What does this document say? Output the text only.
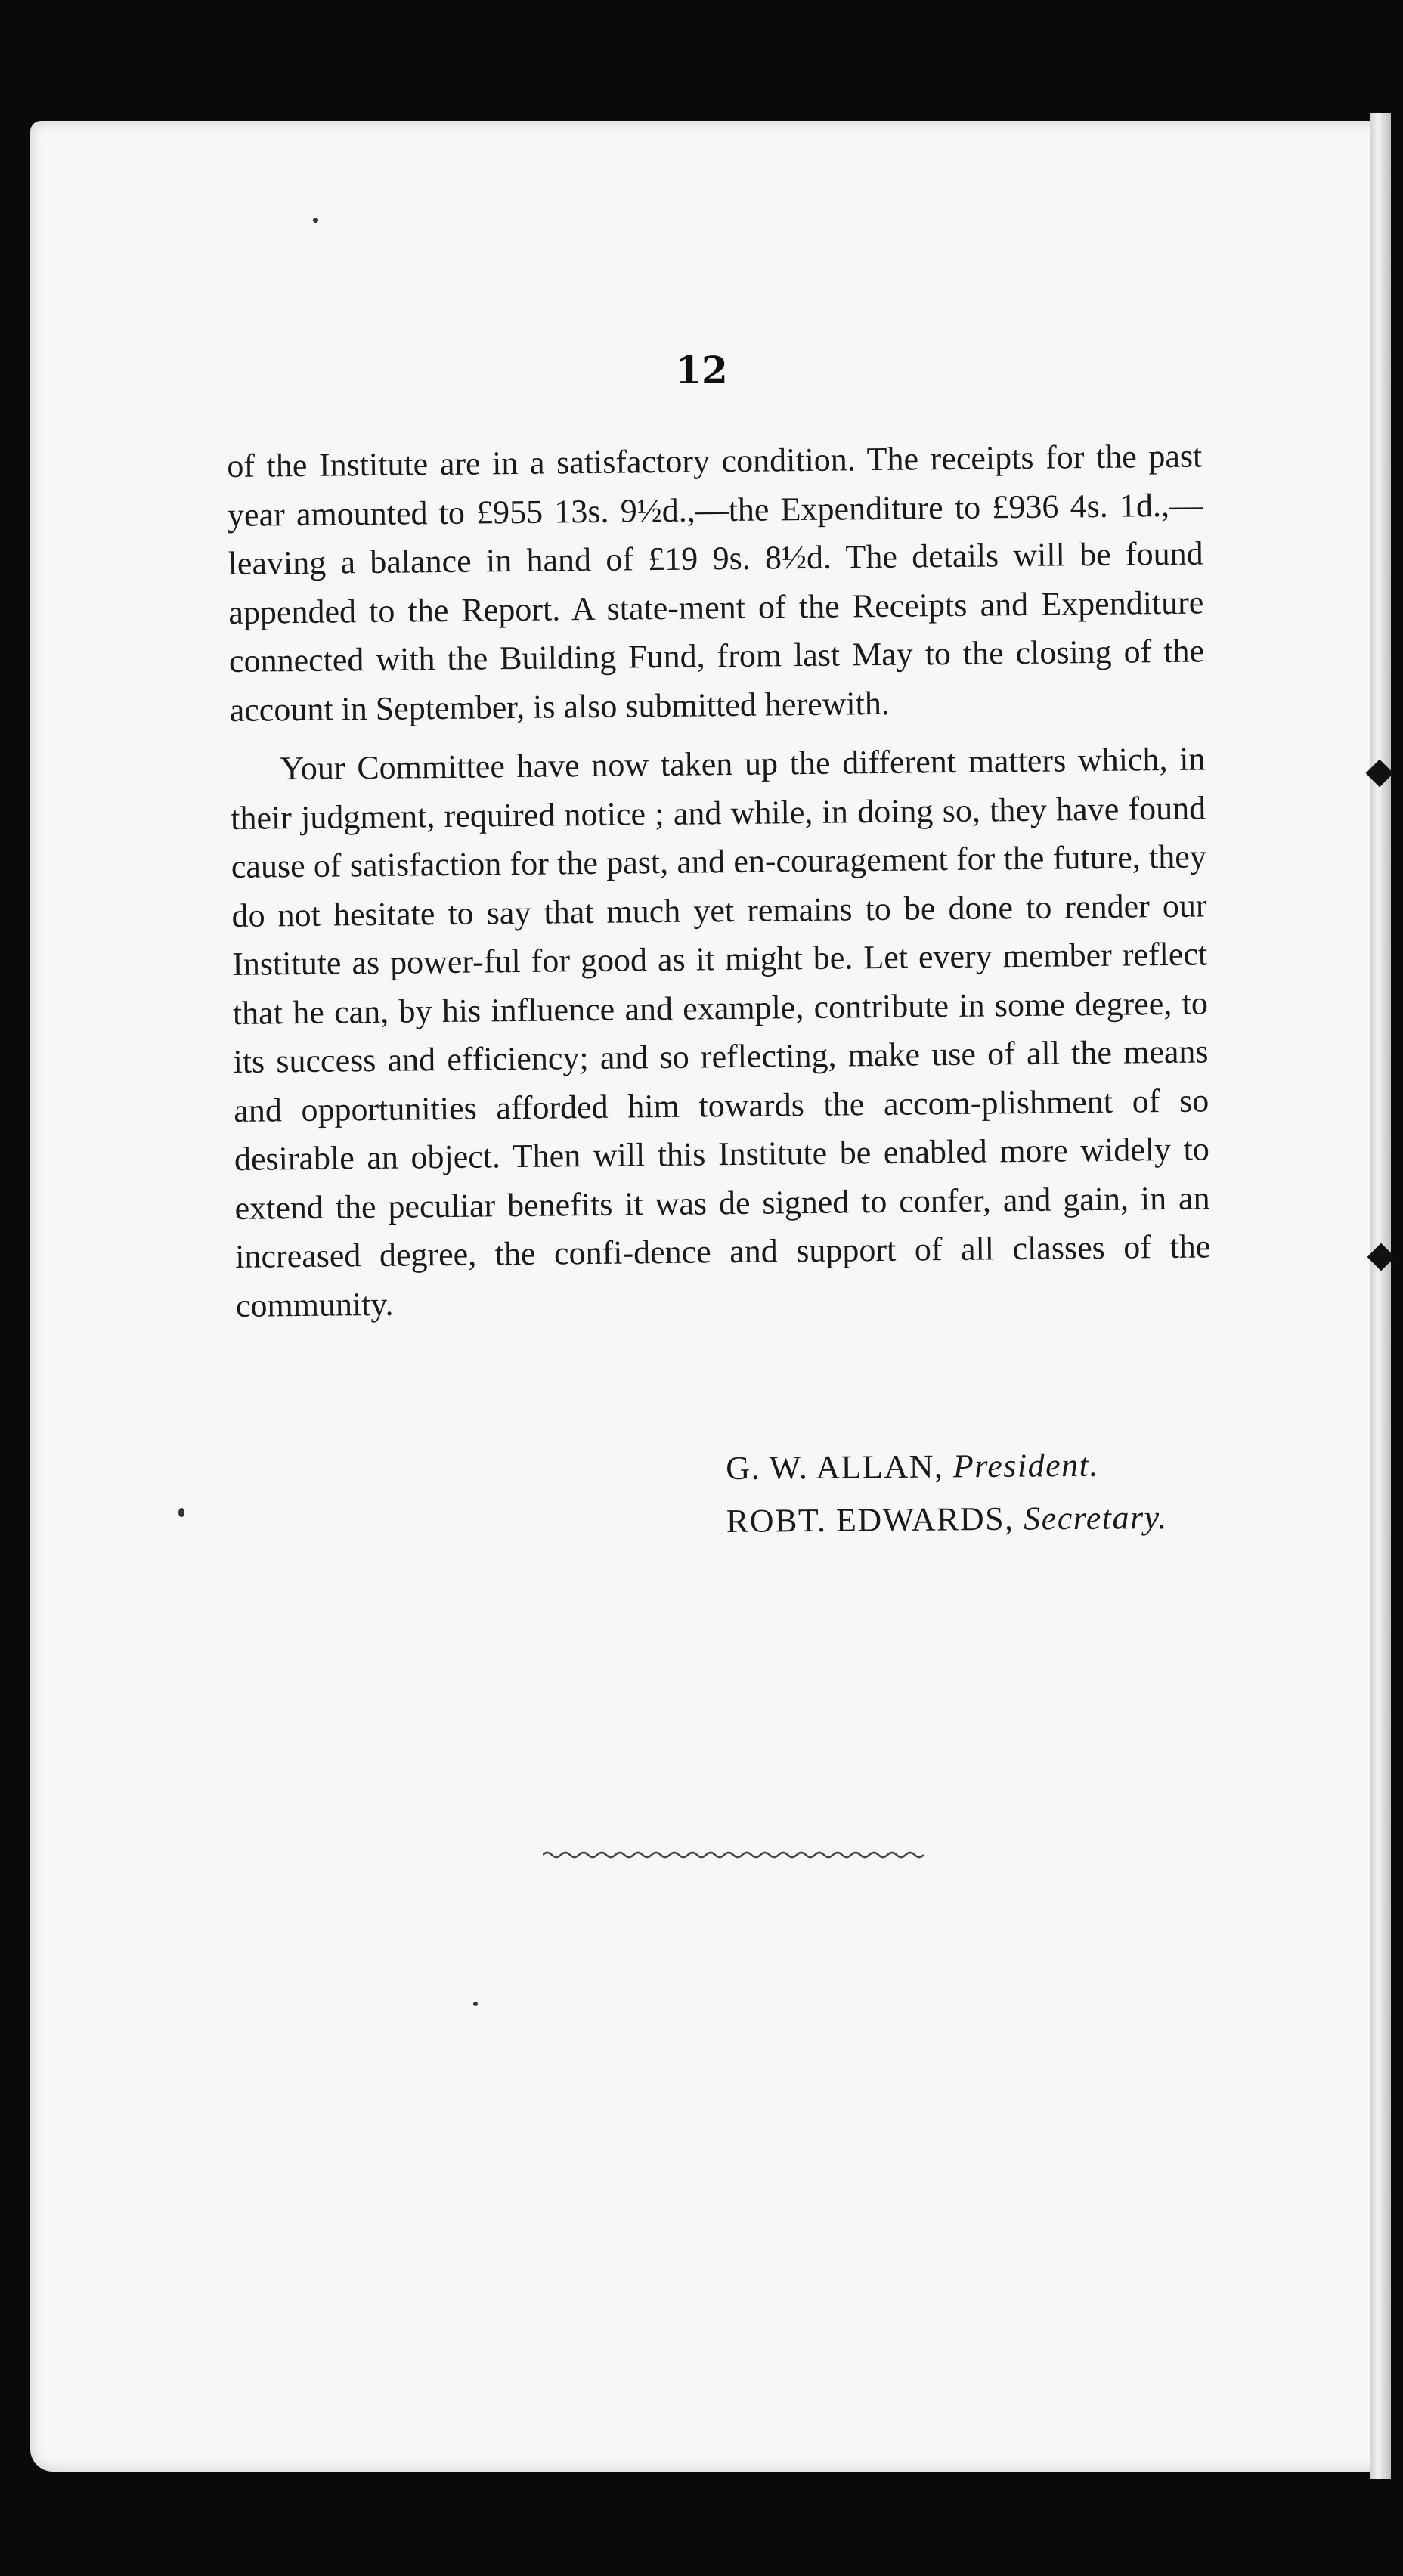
12

of the Institute are in a satisfactory condition. The receipts for the past year amounted to £955 13s. 9½d.,—the Expenditure to £936 4s. 1d.,—leaving a balance in hand of £19 9s. 8½d. The details will be found appended to the Report. A state-ment of the Receipts and Expenditure connected with the Building Fund, from last May to the closing of the account in September, is also submitted herewith.

Your Committee have now taken up the different matters which, in their judgment, required notice ; and while, in doing so, they have found cause of satisfaction for the past, and en-couragement for the future, they do not hesitate to say that much yet remains to be done to render our Institute as power-ful for good as it might be. Let every member reflect that he can, by his influence and example, contribute in some degree, to its success and efficiency; and so reflecting, make use of all the means and opportunities afforded him towards the accom-plishment of so desirable an object. Then will this Institute be enabled more widely to extend the peculiar benefits it was de signed to confer, and gain, in an increased degree, the confi-dence and support of all classes of the community.

G. W. ALLAN, President.
ROBT. EDWARDS, Secretary.
